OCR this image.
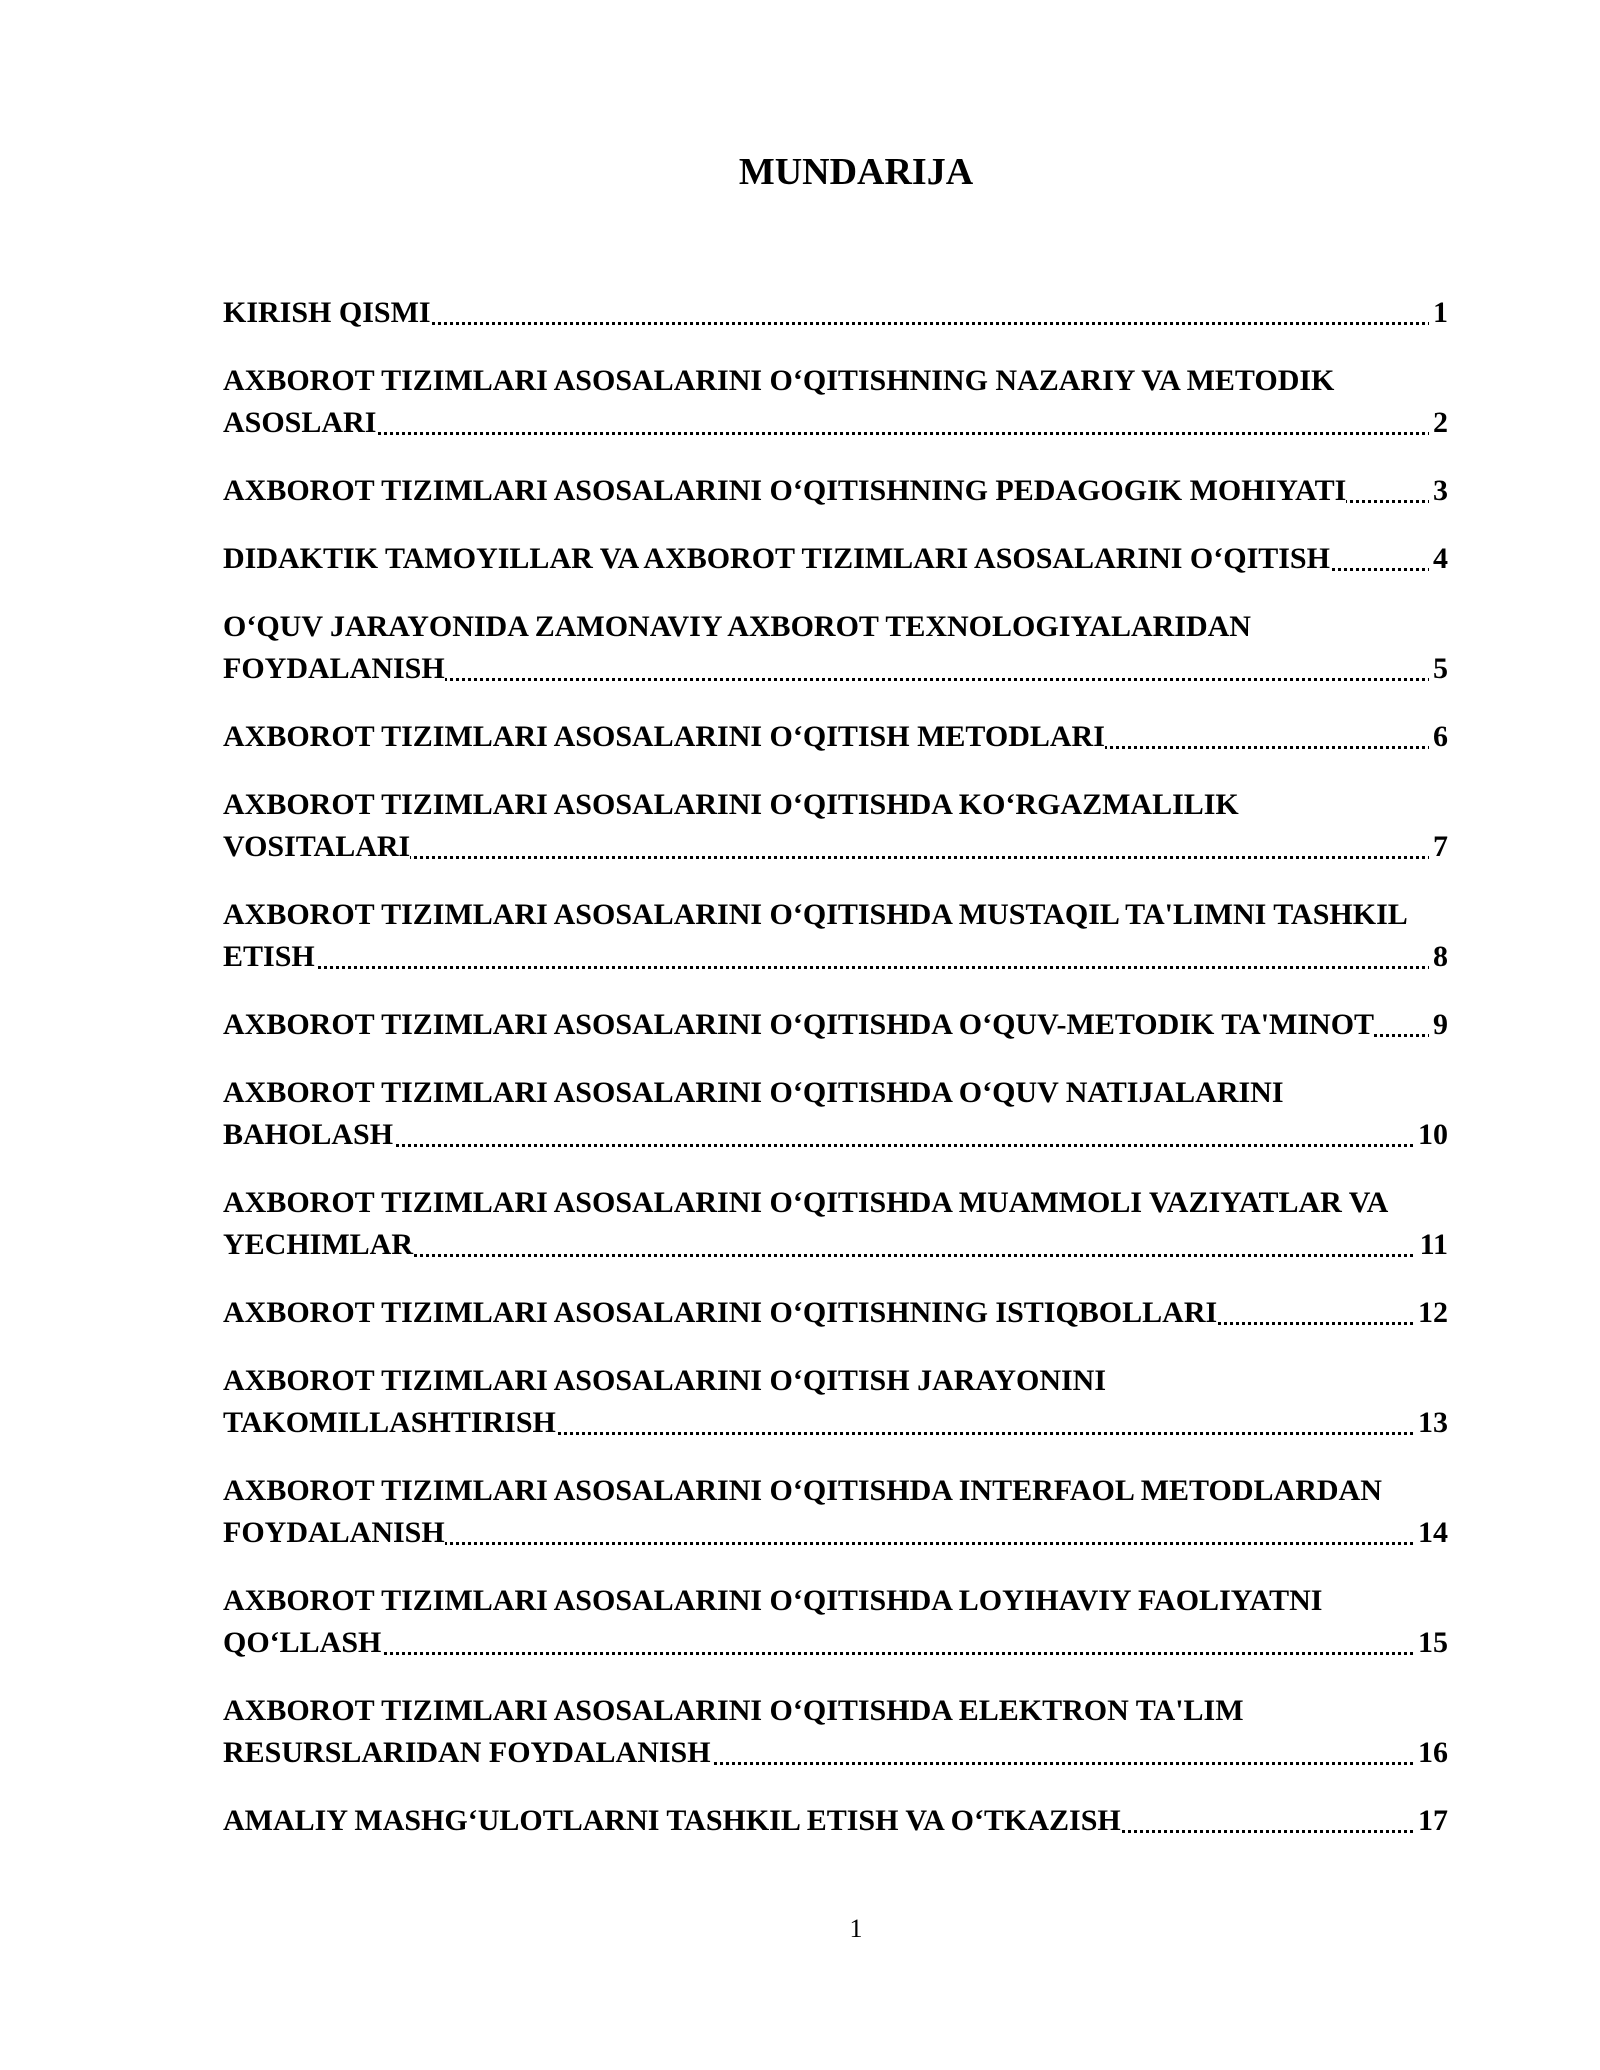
MUNDARIJA
KIRISH QISMI	1
AXBOROT TIZIMLARI ASOSALARINI O‘QITISHNING NAZARIY VA METODIK
ASOSLARI	2
AXBOROT TIZIMLARI ASOSALARINI O‘QITISHNING PEDAGOGIK MOHIYATI	3
DIDAKTIK TAMOYILLAR VA AXBOROT TIZIMLARI ASOSALARINI O‘QITISH	4
O‘QUV JARAYONIDA ZAMONAVIY AXBOROT TEXNOLOGIYALARIDAN
FOYDALANISH	5
AXBOROT TIZIMLARI ASOSALARINI O‘QITISH METODLARI	6
AXBOROT TIZIMLARI ASOSALARINI O‘QITISHDA KO‘RGAZMALILIK
VOSITALARI	7
AXBOROT TIZIMLARI ASOSALARINI O‘QITISHDA MUSTAQIL TA'LIMNI TASHKIL
ETISH	8
AXBOROT TIZIMLARI ASOSALARINI O‘QITISHDA O‘QUV-METODIK TA'MINOT 9
AXBOROT TIZIMLARI ASOSALARINI O‘QITISHDA O‘QUV NATIJALARINI
BAHOLASH	10
AXBOROT TIZIMLARI ASOSALARINI O‘QITISHDA MUAMMOLI VAZIYATLAR VA
YECHIMLAR	11
AXBOROT TIZIMLARI ASOSALARINI O‘QITISHNING ISTIQBOLLARI	12
AXBOROT TIZIMLARI ASOSALARINI O‘QITISH JARAYONINI
TAKOMILLASHTIRISH	13
AXBOROT TIZIMLARI ASOSALARINI O‘QITISHDA INTERFAOL METODLARDAN
FOYDALANISH	14
AXBOROT TIZIMLARI ASOSALARINI O‘QITISHDA LOYIHAVIY FAOLIYATNI
QO‘LLASH	15
AXBOROT TIZIMLARI ASOSALARINI O‘QITISHDA ELEKTRON TA'LIM
RESURSLARIDAN FOYDALANISH	16
AMALIY MASHG‘ULOTLARNI TASHKIL ETISH VA O‘TKAZISH	17
1
